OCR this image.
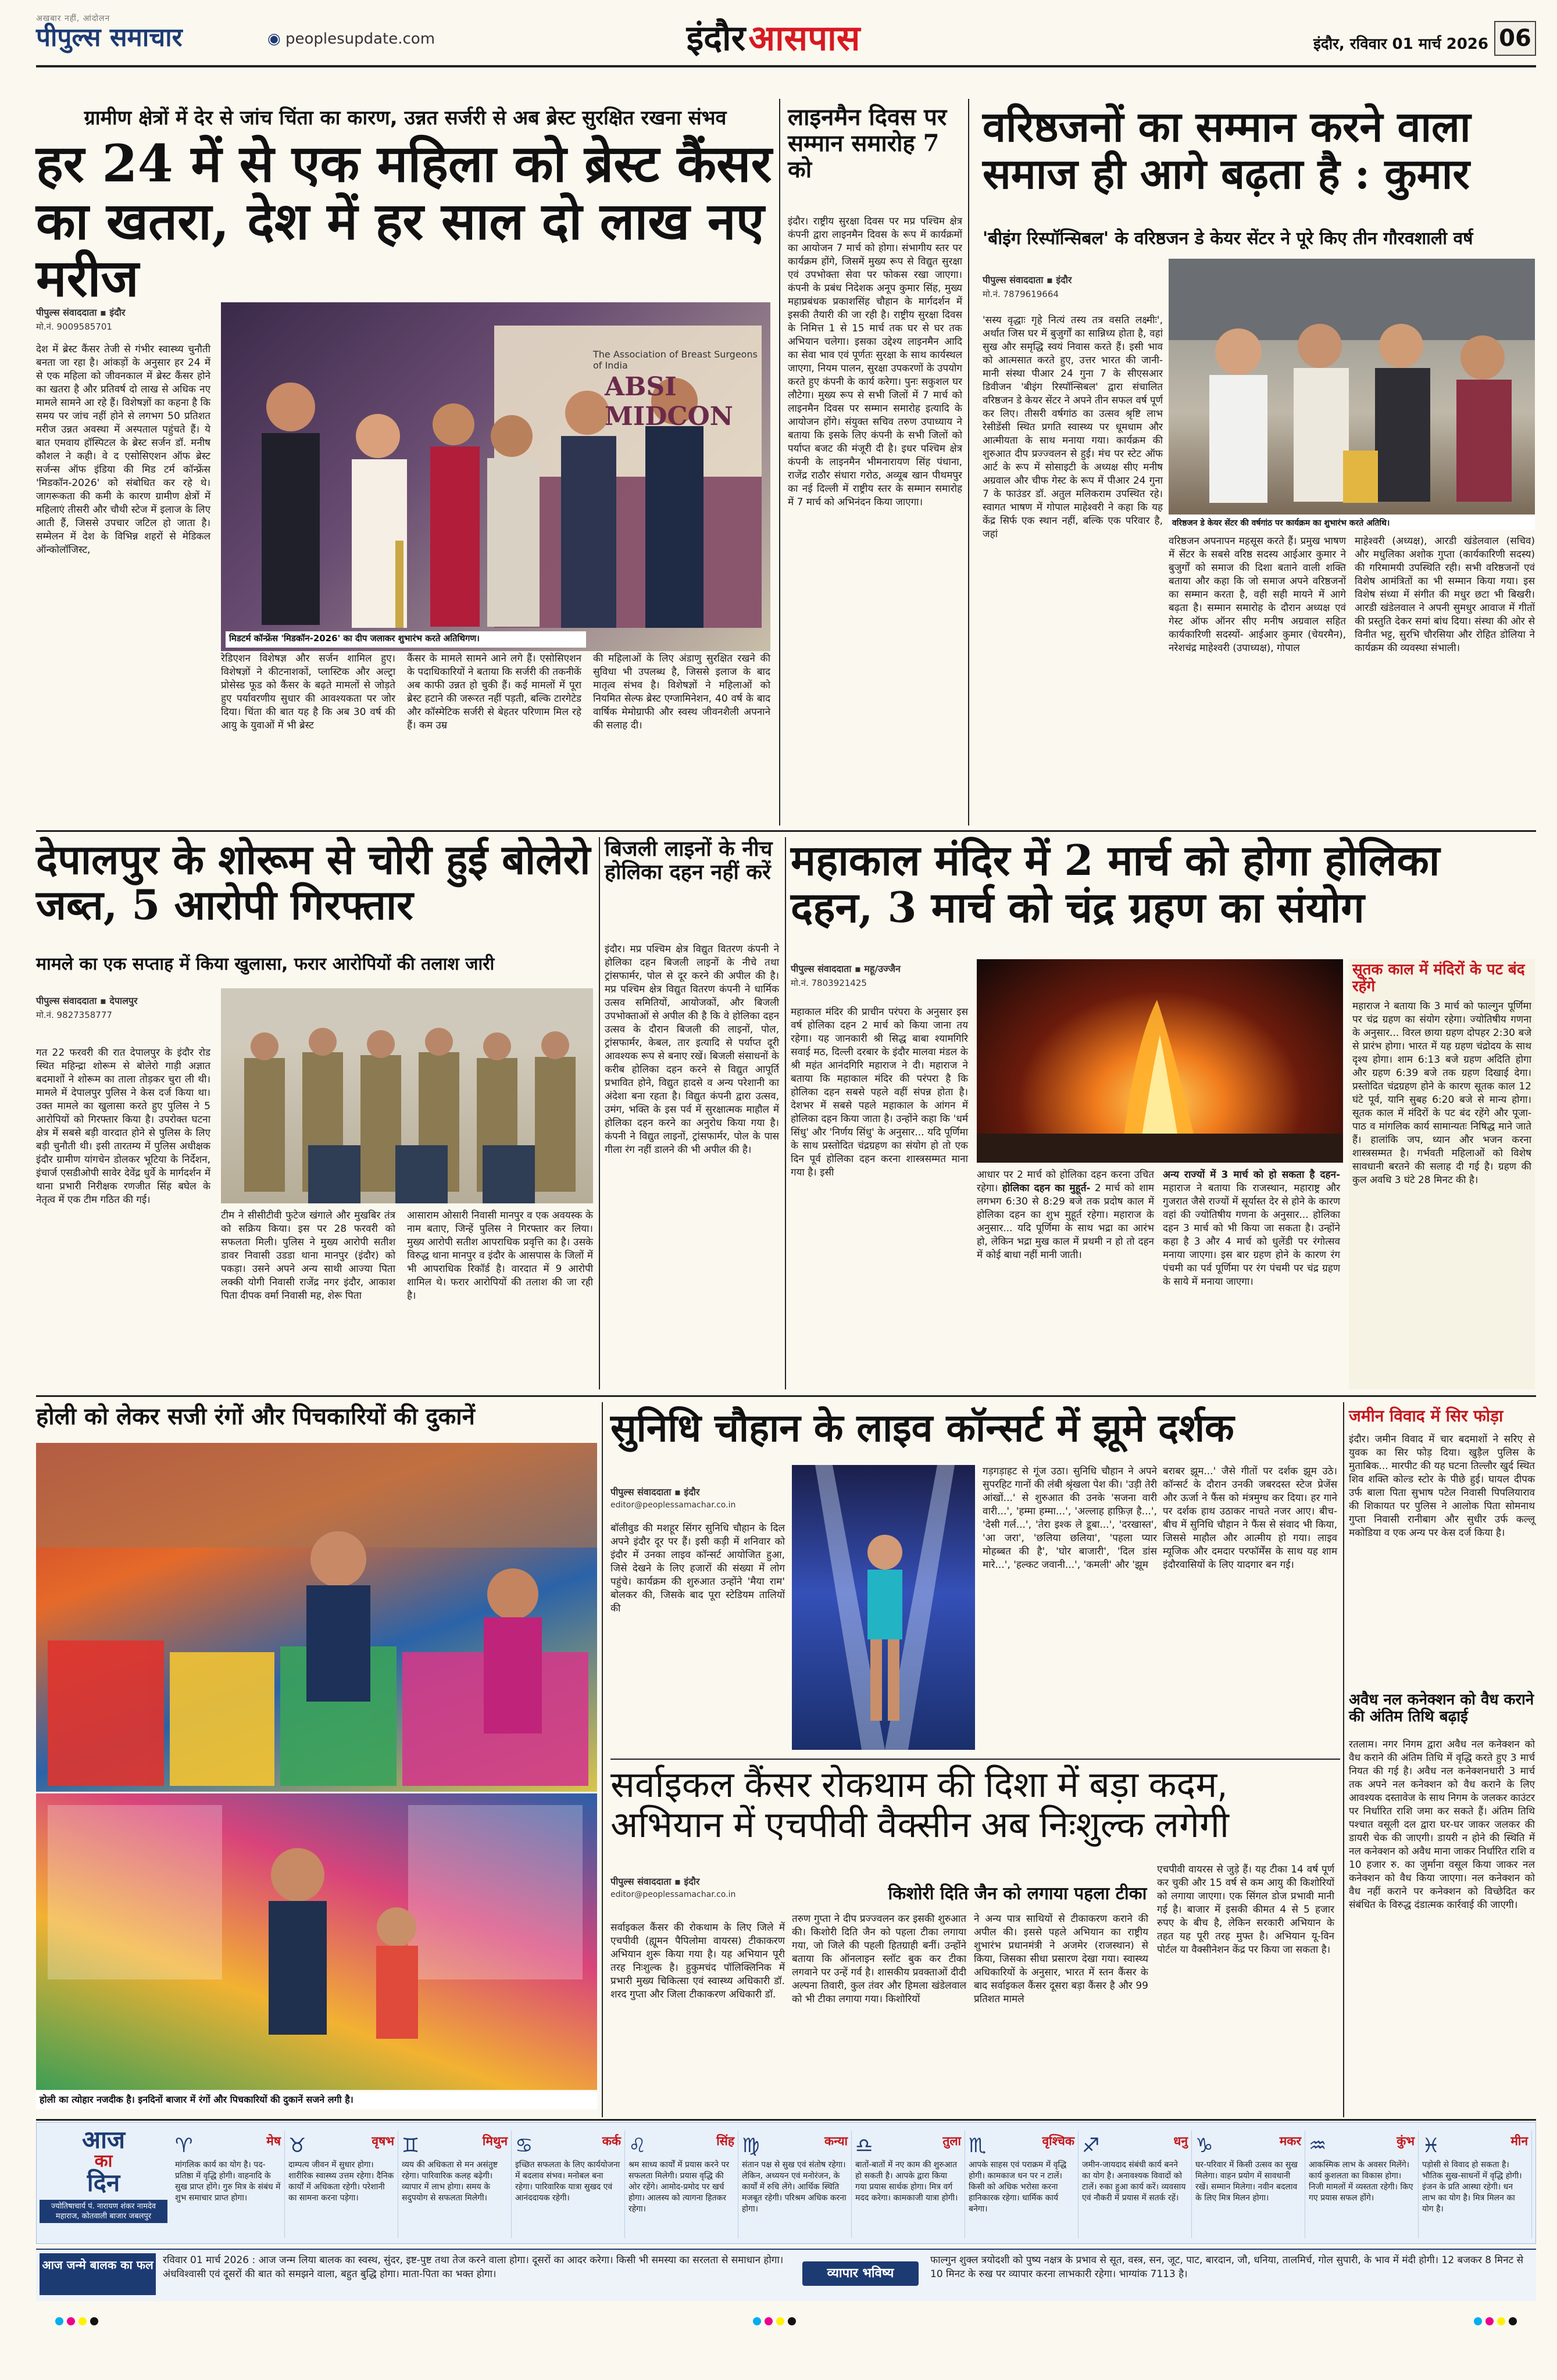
अखबार नहीं, आंदोलन
पीपुल्स समाचार	◉ peoplesupdate.com	इंदौर आसपास	इंदौर, रविवार 01 मार्च 2026 06
ग्रामीण क्षेत्रों में देर से जांच चिंता का कारण, उन्नत सर्जरी से अब ब्रेस्ट सुरक्षित रखना संभव
हर 24 में से एक महिला को ब्रेस्ट कैंसर का खतरा, देश में हर साल दो लाख नए मरीज
पीपुल्स संवाददाता ▪ इंदौर
मो.नं. 9009585701
देश में ब्रेस्ट कैंसर तेजी से गंभीर स्वास्थ्य चुनौती बनता जा रहा है। आंकड़ों के अनुसार हर 24 में से एक महिला को जीवनकाल में ब्रेस्ट कैंसर होने का खतरा है और प्रतिवर्ष दो लाख से अधिक नए मामले सामने आ रहे हैं। विशेषज्ञों का कहना है कि समय पर जांच नहीं होने से लगभग 50 प्रतिशत मरीज उन्नत अवस्था में अस्पताल पहुंचते हैं। ये बात एमवाय हॉस्पिटल के ब्रेस्ट सर्जन डॉ. मनीष कौशल ने कही। वे द एसोसिएशन ऑफ ब्रेस्ट सर्जन्स ऑफ इंडिया की मिड टर्म कॉन्फ्रेंस 'मिडकॉन-2026' को संबोधित कर रहे थे। जागरूकता की कमी के कारण ग्रामीण क्षेत्रों में महिलाएं तीसरी और चौथी स्टेज में इलाज के लिए आती हैं, जिससे उपचार जटिल हो जाता है। सम्मेलन में देश के विभिन्न शहरों से मेडिकल ऑन्कोलॉजिस्ट,
The Association of Breast Surgeons of India
ABSI MIDCON
मिडटर्म कॉन्फ्रेंस 'मिडकॉन-2026' का दीप जलाकर शुभारंभ करते अतिथिगण।
रेडिएशन विशेषज्ञ और सर्जन शामिल हुए। विशेषज्ञों ने कीटनाशकों, प्लास्टिक और अल्ट्रा प्रोसेस्ड फूड को कैंसर के बढ़ते मामलों से जोड़ते हुए पर्यावरणीय सुधार की आवश्यकता पर जोर दिया। चिंता की बात यह है कि अब 30 वर्ष की आयु के युवाओं में भी ब्रेस्ट
कैंसर के मामले सामने आने लगे हैं। एसोसिएशन के पदाधिकारियों ने बताया कि सर्जरी की तकनीकें अब काफी उन्नत हो चुकी हैं। कई मामलों में पूरा ब्रेस्ट हटाने की जरूरत नहीं पड़ती, बल्कि टारगेटेड और कॉस्मेटिक सर्जरी से बेहतर परिणाम मिल रहे हैं। कम उम्र
की महिलाओं के लिए अंडाणु सुरक्षित रखने की सुविधा भी उपलब्ध है, जिससे इलाज के बाद मातृत्व संभव है। विशेषज्ञों ने महिलाओं को नियमित सेल्फ ब्रेस्ट एग्जामिनेशन, 40 वर्ष के बाद वार्षिक मेमोग्राफी और स्वस्थ जीवनशैली अपनाने की सलाह दी।
लाइनमैन दिवस पर सम्मान समारोह 7 को
इंदौर। राष्ट्रीय सुरक्षा दिवस पर मप्र पश्चिम क्षेत्र कंपनी द्वारा लाइनमैन दिवस के रूप में कार्यक्रमों का आयोजन 7 मार्च को होगा। संभागीय स्तर पर कार्यक्रम होंगे, जिसमें मुख्य रूप से विद्युत सुरक्षा एवं उपभोक्ता सेवा पर फोकस रखा जाएगा। कंपनी के प्रबंध निदेशक अनूप कुमार सिंह, मुख्य महाप्रबंधक प्रकाशसिंह चौहान के मार्गदर्शन में इसकी तैयारी की जा रही है। राष्ट्रीय सुरक्षा दिवस के निमित्त 1 से 15 मार्च तक घर से घर तक अभियान चलेगा। इसका उद्देश्य लाइनमैन आदि का सेवा भाव एवं पूर्णतः सुरक्षा के साथ कार्यस्थल जाएगा, नियम पालन, सुरक्षा उपकरणों के उपयोग करते हुए कंपनी के कार्य करेगा। पुनः सकुशल घर लौटेगा। मुख्य रूप से सभी जिलों में 7 मार्च को लाइनमैन दिवस पर सम्मान समारोह इत्यादि के आयोजन होंगे। संयुक्त सचिव तरुण उपाध्याय ने बताया कि इसके लिए कंपनी के सभी जिलों को पर्याप्त बजट की मंजूरी दी है। इधर पश्चिम क्षेत्र कंपनी के लाइनमैन भीमनारायण सिंह पंधाना, राजेंद्र राठौर संधारा गरोठ, अव्यूब खान पीथमपुर का नई दिल्ली में राष्ट्रीय स्तर के सम्मान समारोह में 7 मार्च को अभिनंदन किया जाएगा।
वरिष्ठजनों का सम्मान करने वाला समाज ही आगे बढ़ता है : कुमार
'बीइंग रिस्पॉन्सिबल' के वरिष्ठजन डे केयर सेंटर ने पूरे किए तीन गौरवशाली वर्ष
पीपुल्स संवाददाता ▪ इंदौर
मो.नं. 7879619664
'सस्य वृद्धाः गृहे नित्यं तस्य तत्र वसति लक्ष्मीः', अर्थात जिस घर में बुजुर्गों का सान्निध्य होता है, वहां सुख और समृद्धि स्वयं निवास करते हैं। इसी भाव को आत्मसात करते हुए, उत्तर भारत की जानी-मानी संस्था पीआर 24 गुना 7 के सीएसआर डिवीजन 'बीइंग रिस्पॉन्सिबल' द्वारा संचालित वरिष्ठजन डे केयर सेंटर ने अपने तीन सफल वर्ष पूर्ण कर लिए। तीसरी वर्षगांठ का उत्सव श्रृष्टि लाभ रेसीडेंसी स्थित प्रगति स्वास्थ्य पर धूमधाम और आत्मीयता के साथ मनाया गया। कार्यक्रम की शुरुआत दीप प्रज्ज्वलन से हुई। मंच पर स्टेट ऑफ आर्ट के रूप में सोसाइटी के अध्यक्ष सीए मनीष अग्रवाल और चीफ गेस्ट के रूप में पीआर 24 गुना 7 के फाउंडर डॉ. अतुल मलिकराम उपस्थित रहे। स्वागत भाषण में गोपाल माहेश्वरी ने कहा कि यह केंद्र सिर्फ एक स्थान नहीं, बल्कि एक परिवार है, जहां
वरिष्ठजन डे केयर सेंटर की वर्षगांठ पर कार्यक्रम का शुभारंभ करते अतिथि।
वरिष्ठजन अपनापन महसूस करते हैं। प्रमुख भाषण में सेंटर के सबसे वरिष्ठ सदस्य आईआर कुमार ने बुजुर्गों को समाज की दिशा बताने वाली शक्ति बताया और कहा कि जो समाज अपने वरिष्ठजनों का सम्मान करता है, वही सही मायने में आगे बढ़ता है। सम्मान समारोह के दौरान अध्यक्ष एवं गेस्ट ऑफ ऑनर सीए मनीष अग्रवाल सहित कार्यकारिणी सदस्यों- आईआर कुमार (चेयरमैन), नरेशचंद्र माहेश्वरी (उपाध्यक्ष), गोपाल
माहेश्वरी (अध्यक्ष), आरडी खंडेलवाल (सचिव) और मधुलिका अशोक गुप्ता (कार्यकारिणी सदस्य) की गरिमामयी उपस्थिति रही। सभी वरिष्ठजनों एवं विशेष आमंत्रितों का भी सम्मान किया गया। इस विशेष संध्या में संगीत की मधुर छटा भी बिखरी। आरडी खंडेलवाल ने अपनी सुमधुर आवाज में गीतों की प्रस्तुति देकर समां बांध दिया। संस्था की ओर से विनीत भट्ट, सुरभि चौरसिया और रोहित डोलिया ने कार्यक्रम की व्यवस्था संभाली।
देपालपुर के शोरूम से चोरी हुई बोलेरो जब्त, 5 आरोपी गिरफ्तार
मामले का एक सप्ताह में किया खुलासा, फरार आरोपियों की तलाश जारी
पीपुल्स संवाददाता ▪ देपालपुर
मो.नं. 9827358777
गत 22 फरवरी की रात देपालपुर के इंदौर रोड स्थित महिन्द्रा शोरूम से बोलेरो गाड़ी अज्ञात बदमाशों ने शोरूम का ताला तोड़कर चुरा ली थी। मामले में देपालपुर पुलिस ने केस दर्ज किया था। उक्त मामले का खुलासा करते हुए पुलिस ने 5 आरोपियों को गिरफ्तार किया है। उपरोक्त घटना क्षेत्र में सबसे बड़ी वारदात होने से पुलिस के लिए बड़ी चुनौती थी। इसी तारतम्य में पुलिस अधीक्षक इंदौर ग्रामीण यांगचेन डोलकर भूटिया के निर्देशन, इंचार्ज एसडीओपी सावेर देवेंद्र धुर्वे के मार्गदर्शन में थाना प्रभारी निरीक्षक रणजीत सिंह बघेल के नेतृत्व में एक टीम गठित की गई।
टीम ने सीसीटीवी फुटेज खंगाले और मुखबिर तंत्र को सक्रिय किया। इस पर 28 फरवरी को सफलता मिली। पुलिस ने मुख्य आरोपी सतीश डावर निवासी उडडा थाना मानपुर (इंदौर) को पकड़ा। उसने अपने अन्य साथी आज्या पिता लक्की योगी निवासी राजेंद्र नगर इंदौर, आकाश पिता दीपक वर्मा निवासी मह, शेरू पिता
आसाराम ओसारी निवासी मानपुर व एक अवयस्क के नाम बताए, जिन्हें पुलिस ने गिरफ्तार कर लिया। मुख्य आरोपी सतीश आपराधिक प्रवृत्ति का है। उसके विरुद्ध थाना मानपुर व इंदौर के आसपास के जिलों में भी आपराधिक रिकॉर्ड है। वारदात में 9 आरोपी शामिल थे। फरार आरोपियों की तलाश की जा रही है।
बिजली लाइनों के नीच होलिका दहन नहीं करें
इंदौर। मप्र पश्चिम क्षेत्र विद्युत वितरण कंपनी ने होलिका दहन बिजली लाइनों के नीचे तथा ट्रांसफार्मर, पोल से दूर करने की अपील की है। मप्र पश्चिम क्षेत्र विद्युत वितरण कंपनी ने धार्मिक उत्सव समितियों, आयोजकों, और बिजली उपभोक्ताओं से अपील की है कि वे होलिका दहन उत्सव के दौरान बिजली की लाइनों, पोल, ट्रांसफार्मर, केबल, तार इत्यादि से पर्याप्त दूरी आवश्यक रूप से बनाए रखें। बिजली संसाधनों के करीब होलिका दहन करने से विद्युत आपूर्ति प्रभावित होने, विद्युत हादसे व अन्य परेशानी का अंदेशा बना रहता है। विद्युत कंपनी द्वारा उत्सव, उमंग, भक्ति के इस पर्व में सुरक्षात्मक माहौल में होलिका दहन करने का अनुरोध किया गया है। कंपनी ने विद्युत लाइनों, ट्रांसफार्मर, पोल के पास गीला रंग नहीं डालने की भी अपील की है।
महाकाल मंदिर में 2 मार्च को होगा होलिका दहन, 3 मार्च को चंद्र ग्रहण का संयोग
पीपुल्स संवाददाता ▪ महू/उज्जैन
मो.नं. 7803921425
महाकाल मंदिर की प्राचीन परंपरा के अनुसार इस वर्ष होलिका दहन 2 मार्च को किया जाना तय रहेगा। यह जानकारी श्री सिद्ध बाबा श्यामगिरि सवाई मठ, दिल्ली दरबार के इंदौर मालवा मंडल के श्री महंत आनंदगिरि महाराज ने दी। महाराज ने बताया कि महाकाल मंदिर की परंपरा है कि होलिका दहन सबसे पहले वहीं संपन्न होता है। देशभर में सबसे पहले महाकाल के आंगन में होलिका दहन किया जाता है। उन्होंने कहा कि 'धर्म सिंधु' और 'निर्णय सिंधु' के अनुसार... यदि पूर्णिमा के साथ प्रस्तोदित चंद्रग्रहण का संयोग हो तो एक दिन पूर्व होलिका दहन करना शास्त्रसम्मत माना गया है। इसी	आधार पर 2 मार्च को होलिका दहन करना उचित रहेगा। होलिका दहन का मुहूर्त- 2 मार्च को शाम लगभग 6:30 से 8:29 बजे तक प्रदोष काल में होलिका दहन का शुभ मुहूर्त रहेगा। महाराज के अनुसार... यदि पूर्णिमा के साथ भद्रा का आरंभ हो, लेकिन भद्रा मुख काल में प्रथमी न हो तो दहन में कोई बाधा नहीं मानी जाती।
अन्य राज्यों में 3 मार्च को हो सकता है दहन- महाराज ने बताया कि राजस्थान, महाराष्ट्र और गुजरात जैसे राज्यों में सूर्यास्त देर से होने के कारण वहां की ज्योतिषीय गणना के अनुसार... होलिका दहन 3 मार्च को भी किया जा सकता है। उन्होंने कहा है 3 और 4 मार्च को धुलेंडी पर रंगोत्सव मनाया जाएगा। इस बार ग्रहण होने के कारण रंग पंचमी का पर्व पूर्णिमा पर रंग पंचमी पर चंद्र ग्रहण के साये में मनाया जाएगा।
सूतक काल में मंदिरों के पट बंद रहेंगे
महाराज ने बताया कि 3 मार्च को फाल्गुन पूर्णिमा पर चंद्र ग्रहण का संयोग रहेगा। ज्योतिषीय गणना के अनुसार... विरल छाया ग्रहण दोपहर 2:30 बजे से प्रारंभ होगा। भारत में यह ग्रहण चंद्रोदय के साथ दृश्य होगा। शाम 6:13 बजे ग्रहण अदिति होगा और ग्रहण 6:39 बजे तक ग्रहण दिखाई देगा। प्रस्तोदित चंद्रग्रहण होने के कारण सूतक काल 12 घंटे पूर्व, यानि सुबह 6:20 बजे से मान्य होगा। सूतक काल में मंदिरों के पट बंद रहेंगे और पूजा-पाठ व मांगलिक कार्य सामान्यतः निषिद्ध माने जाते हैं। हालांकि जप, ध्यान और भजन करना शास्त्रसम्मत है। गर्भवती महिलाओं को विशेष सावधानी बरतने की सलाह दी गई है। ग्रहण की कुल अवधि 3 घंटे 28 मिनट की है।
होली को लेकर सजी रंगों और पिचकारियों की दुकानें
होली का त्योहार नजदीक है। इनदिनों बाजार में रंगों और पिचकारियों की दुकानें सजने लगी है।
सुनिधि चौहान के लाइव कॉन्सर्ट में झूमे दर्शक
पीपुल्स संवाददाता ▪ इंदौर
editor@peoplessamachar.co.in
बॉलीवुड की मशहूर सिंगर सुनिधि चौहान के दिल अपने इंदौर दूर पर हैं। इसी कड़ी में शनिवार को इंदौर में उनका लाइव कॉन्सर्ट आयोजित हुआ, जिसे देखने के लिए हजारों की संख्या में लोग पहुंचे। कार्यक्रम की शुरुआत उन्होंने 'मैया राम' बोलकर की, जिसके बाद पूरा स्टेडियम तालियों की
गड़गड़ाहट से गूंज उठा। सुनिधि चौहान ने अपने सुपरहिट गानों की लंबी श्रृंखला पेश की। 'उड़ी तेरी आंखों...' से शुरुआत की उनके 'सजना वारी वारी...', 'हम्मा हम्मा...', 'अल्लाह हाफ़िज़ है...', 'देसी गर्ल...', 'तेरा इश्क ले डूबा...', 'दरखास्त', 'आ जरा', 'छलिया छलिया', 'पहला प्यार मोहब्बत की है', 'घोर बाजारी', 'दिल डांस मारे...', 'हल्कट जवानी...', 'कमली' और 'झूम
बराबर झूम...' जैसे गीतों पर दर्शक झूम उठे। कॉन्सर्ट के दौरान उनकी जबरदस्त स्टेज प्रेजेंस और ऊर्जा ने फैंस को मंत्रमुग्ध कर दिया। हर गाने पर दर्शक हाथ उठाकर नाचते नजर आए। बीच-बीच में सुनिधि चौहान ने फैंस से संवाद भी किया, जिससे माहौल और आत्मीय हो गया। लाइव म्यूजिक और दमदार परफॉर्मेंस के साथ यह शाम इंदौरवासियों के लिए यादगार बन गई।
सर्वाइकल कैंसर रोकथाम की दिशा में बड़ा कदम, अभियान में एचपीवी वैक्सीन अब निःशुल्क लगेगी
पीपुल्स संवाददाता ▪ इंदौर
editor@peoplessamachar.co.in	किशोरी दिति जैन को लगाया पहला टीका
सर्वाइकल कैंसर की रोकथाम के लिए जिले में एचपीवी (ह्यूमन पैपिलोमा वायरस) टीकाकरण अभियान शुरू किया गया है। यह अभियान पूरी तरह निःशुल्क है। हुकुमचंद पॉलिक्लिनिक में प्रभारी मुख्य चिकित्सा एवं स्वास्थ्य अधिकारी डॉ. शरद गुप्ता और जिला टीकाकरण अधिकारी डॉ.
तरुण गुप्ता ने दीप प्रज्ज्वलन कर इसकी शुरुआत की। किशोरी दिति जैन को पहला टीका लगाया गया, जो जिले की पहली हितग्राही बनीं। उन्होंने बताया कि ऑनलाइन स्लॉट बुक कर टीका लगवाने पर उन्हें गर्व है। शासकीय प्रवक्ताओं दीदी अल्पना तिवारी, कुल तंवर और हिमला खंडेलवाल को भी टीका लगाया गया। किशोरियों
ने अन्य पात्र साथियों से टीकाकरण कराने की अपील की। इससे पहले अभियान का राष्ट्रीय शुभारंभ प्रधानमंत्री ने अजमेर (राजस्थान) से किया, जिसका सीधा प्रसारण देखा गया। स्वास्थ्य अधिकारियों के अनुसार, भारत में स्तन कैंसर के बाद सर्वाइकल कैंसर दूसरा बड़ा कैंसर है और 99 प्रतिशत मामले
एचपीवी वायरस से जुड़े हैं। यह टीका 14 वर्ष पूर्ण कर चुकी और 15 वर्ष से कम आयु की किशोरियों को लगाया जाएगा। एक सिंगल डोज प्रभावी मानी गई है। बाजार में इसकी कीमत 4 से 5 हजार रुपए के बीच है, लेकिन सरकारी अभियान के तहत यह पूरी तरह मुफ्त है। अभियान यू-विन पोर्टल या वैक्सीनेशन केंद्र पर किया जा सकता है।
जमीन विवाद में सिर फोड़ा
इंदौर। जमीन विवाद में चार बदमाशों ने सरिए से युवक का सिर फोड़ दिया। खुड़ैल पुलिस के मुताबिक... मारपीट की यह घटना तिल्लौर खुर्द स्थित शिव शक्ति कोल्ड स्टोर के पीछे हुई। घायल दीपक उर्फ बाला पिता सुभाष पटेल निवासी पिपलियाराव की शिकायत पर पुलिस ने आलोक पिता सोमनाथ गुप्ता निवासी रानीबाग और सुधीर उर्फ कल्लू मकोडिया व एक अन्य पर केस दर्ज किया है।
अवैध नल कनेक्शन को वैध कराने की अंतिम तिथि बढ़ाई
रतलाम। नगर निगम द्वारा अवैध नल कनेक्शन को वैध कराने की अंतिम तिथि में वृद्धि करते हुए 3 मार्च नियत की गई है। अवैध नल कनेक्शनधारी 3 मार्च तक अपने नल कनेक्शन को वैध कराने के लिए आवश्यक दस्तावेज के साथ निगम के जलकर काउंटर पर निर्धारित राशि जमा कर सकते हैं। अंतिम तिथि पश्चात वसूली दल द्वारा घर-घर जाकर जलकर की डायरी चेक की जाएगी। डायरी न होने की स्थिति में नल कनेक्शन को अवैध माना जाकर निर्धारित राशि व 10 हजार रु. का जुर्माना वसूल किया जाकर नल कनेक्शन को वैध किया जाएगा। नल कनेक्शन को वैध नहीं कराने पर कनेक्शन को विच्छेदित कर संबंधित के विरुद्ध दंडात्मक कार्रवाई की जाएगी।
आज
का
दिन
ज्योतिषाचार्य पं. नारायण शंकर नामदेव महाराज, कोतवाली बाजार जबलपुर
♈	मेष
मांगलिक कार्य का योग है। पद-प्रतिष्ठा में वृद्धि होगी। वाहनादि के सुख प्राप्त होंगे। गुरु मित्र के संबंध में शुभ समाचार प्राप्त होगा।
♉	वृषभ
दाम्पत्य जीवन में सुधार होगा। शारीरिक स्वास्थ्य उत्तम रहेगा। दैनिक कार्यों में अधिकता रहेगी। परेशानी का सामना करना पड़ेगा।
♊	मिथुन
व्यय की अधिकता से मन असंतुष्ट रहेगा। पारिवारिक कलह बढ़ेगी। व्यापार में लाभ होगा। समय के सदुपयोग से सफलता मिलेगी।
♋	कर्क
इच्छित सफलता के लिए कार्ययोजना में बदलाव संभव। मनोबल बना रहेगा। पारिवारिक यात्रा सुखद एवं आनंददायक रहेगी।
♌	सिंह
श्रम साध्य कार्यों में प्रयास करने पर सफलता मिलेगी। प्रयास वृद्धि की ओर रहेंगे। आमोद-प्रमोद पर खर्च होगा। आलस्य को त्यागना हितकर रहेगा।
♍	कन्या
संतान पक्ष से सुख एवं संतोष रहेगा। लेकिन, अध्ययन एवं मनोरंजन, के कार्यों में रुचि लेंगे। आर्थिक स्थिति मजबूत रहेगी। परिश्रम अधिक करना होगा।
♎	तुला
बातों-बातों में नए काम की शुरुआत हो सकती है। आपके द्वारा किया गया प्रयास सार्थक होगा। मित्र वर्ग मदद करेगा। कामकाजी यात्रा होगी।
♏	वृश्चिक
आपके साहस एवं पराक्रम में वृद्धि होगी। कामकाज धन पर न टालें। किसी को अधिक भरोसा करना हानिकारक रहेगा। धार्मिक कार्य बनेगा।
♐	धनु
जमीन-जायदाद संबंधी कार्य बनने का योग है। अनावश्यक विवादों को टालें। रुका हुआ कार्य करें। व्यवसाय एवं नौकरी में प्रयास में सतर्क रहें।
♑	मकर
घर-परिवार में किसी उत्सव का सुख मिलेगा। वाहन प्रयोग में सावधानी रखें। सम्मान मिलेगा। नवीन बदलाव के लिए मित्र मिलन होगा।
♒	कुंभ
आकस्मिक लाभ के अवसर मिलेंगे। कार्य कुशलता का विकास होगा। निजी मामलों में व्यस्तता रहेगी। किए गए प्रयास सफल होंगे।
♓	मीन
पड़ोसी से विवाद हो सकता है। भौतिक सुख-साधनों में वृद्धि होगी। इंजन के प्रति आस्था रहेगी। धन लाभ का योग है। मित्र मिलन का योग है।
आज जन्मे बालक का फल रविवार 01 मार्च 2026 : आज जन्म लिया बालक का स्वस्थ, सुंदर, इष्ट-पुष्ट तथा तेज करने वाला होगा। दूसरों का आदर करेगा। किसी भी समस्या का सरलता से समाधान होगा। अंधविश्वासी एवं दूसरों की बात को समझने वाला, बहुत बुद्धि होगा। माता-पिता का भक्त होगा।	व्यापार भविष्य
फाल्गुन शुक्ल त्रयोदशी को पुष्य नक्षत्र के प्रभाव से सूत, वस्त्र, सन, जूट, पाट, बारदान, जौ, धनिया, तालमिर्च, गोल सुपारी, के भाव में मंदी होगी। 12 बजकर 8 मिनट से 10 मिनट के रुख पर व्यापार करना लाभकारी रहेगा। भाग्यांक 7113 है।
